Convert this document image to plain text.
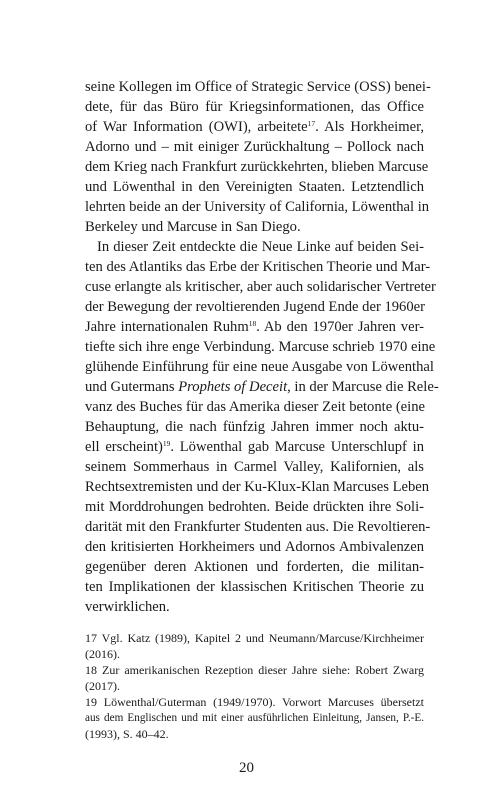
seine Kollegen im Office of Strategic Service (OSS) benei-
dete, für das Büro für Kriegsinformationen, das Office
of War Information (OWI), arbeitete$^{17}$. Als Horkheimer,
Adorno und – mit einiger Zurückhaltung – Pollock nach
dem Krieg nach Frankfurt zurückkehrten, blieben Marcuse
und Löwenthal in den Vereinigten Staaten. Letztendlich
lehrten beide an der University of California, Löwenthal in
Berkeley und Marcuse in San Diego.
In dieser Zeit entdeckte die Neue Linke auf beiden Sei-
ten des Atlantiks das Erbe der Kritischen Theorie und Mar-
cuse erlangte als kritischer, aber auch solidarischer Vertreter
der Bewegung der revoltierenden Jugend Ende der 1960er
Jahre internationalen Ruhm$^{18}$. Ab den 1970er Jahren ver-
tiefte sich ihre enge Verbindung. Marcuse schrieb 1970 eine
glühende Einführung für eine neue Ausgabe von Löwenthal
und Gutermans Prophets of Deceit, in der Marcuse die Rele-
vanz des Buches für das Amerika dieser Zeit betonte (eine
Behauptung, die nach fünfzig Jahren immer noch aktu-
ell erscheint)$^{19}$. Löwenthal gab Marcuse Unterschlupf in
seinem Sommerhaus in Carmel Valley, Kalifornien, als
Rechtsextremisten und der Ku-Klux-Klan Marcuses Leben
mit Morddrohungen bedrohten. Beide drückten ihre Soli-
darität mit den Frankfurter Studenten aus. Die Revoltieren-
den kritisierten Horkheimers und Adornos Ambivalenzen
gegenüber deren Aktionen und forderten, die militan-
ten Implikationen der klassischen Kritischen Theorie zu
verwirklichen.
17 Vgl. Katz (1989), Kapitel 2 und Neumann/Marcuse/Kirchheimer
(2016).
18 Zur amerikanischen Rezeption dieser Jahre siehe: Robert Zwarg
(2017).
19 Löwenthal/Guterman (1949/1970). Vorwort Marcuses übersetzt
aus dem Englischen und mit einer ausführlichen Einleitung, Jansen, P.-E.
(1993), S. 40–42.
20
